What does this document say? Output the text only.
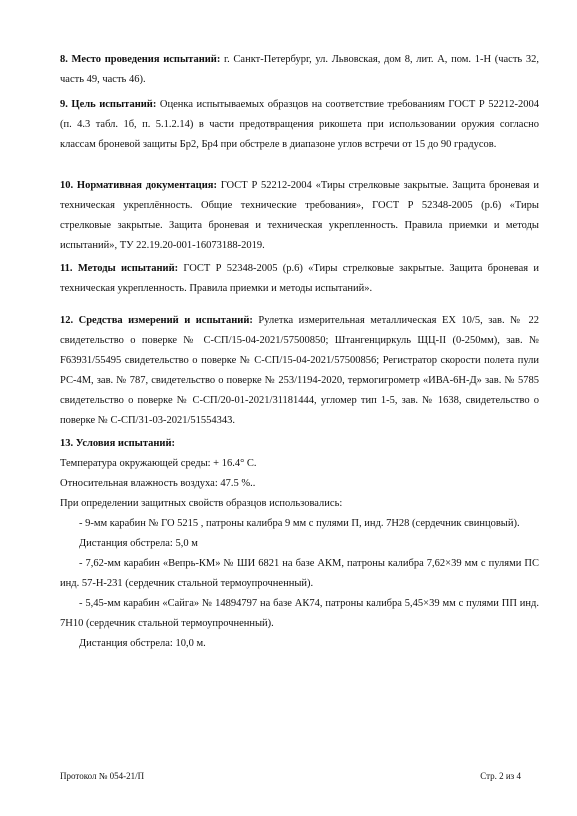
8. Место проведения испытаний: г. Санкт-Петербург, ул. Львовская, дом 8, лит. А, пом. 1-Н (часть 32, часть 49, часть 46).
9. Цель испытаний: Оценка испытываемых образцов на соответствие требованиям ГОСТ Р 52212-2004 (п. 4.3 табл. 1б, п. 5.1.2.14) в части предотвращения рикошета при использовании оружия согласно классам броневой защиты Бр2, Бр4 при обстреле в диапазоне углов встречи от 15 до 90 градусов.
10. Нормативная документация: ГОСТ Р 52212-2004 «Тиры стрелковые закрытые. Защита броневая и техническая укреплённость. Общие технические требования», ГОСТ Р 52348-2005 (р.6) «Тиры стрелковые закрытые. Защита броневая и техническая укрепленность. Правила приемки и методы испытаний», ТУ 22.19.20-001-16073188-2019.
11. Методы испытаний: ГОСТ Р 52348-2005 (р.6) «Тиры стрелковые закрытые. Защита броневая и техническая укрепленность. Правила приемки и методы испытаний».
12. Средства измерений и испытаний: Рулетка измерительная металлическая ЕХ 10/5, зав. № 22 свидетельство о поверке № С-СП/15-04-2021/57500850; Штангенциркуль ЩЦ-II (0-250мм), зав. № F63931/55495 свидетельство о поверке № С-СП/15-04-2021/57500856; Регистратор скорости полета пули РС-4М, зав. № 787, свидетельство о поверке № 253/1194-2020, термогигрометр «ИВА-6Н-Д» зав. № 5785 свидетельство о поверке № С-СП/20-01-2021/31181444, угломер тип 1-5, зав. № 1638, свидетельство о поверке № С-СП/31-03-2021/51554343.
13. Условия испытаний:
Температура окружающей среды: + 16.4° С.
Относительная влажность воздуха: 47.5 %..
При определении защитных свойств образцов использовались:
- 9-мм карабин № ГО 5215 , патроны калибра 9 мм с пулями П, инд. 7Н28 (сердечник свинцовый).
Дистанция обстрела: 5,0 м
- 7,62-мм карабин «Вепрь-КМ» № ШИ 6821 на базе АКМ, патроны калибра 7,62×39 мм с пулями ПС инд. 57-Н-231 (сердечник стальной термоупрочненный).
- 5,45-мм карабин «Сайга» № 14894797 на базе АК74, патроны калибра 5,45×39 мм с пулями ПП инд. 7Н10 (сердечник стальной термоупрочненный).
Дистанция обстрела: 10,0 м.
Протокол № 054-21/П	Стр. 2 из 4
